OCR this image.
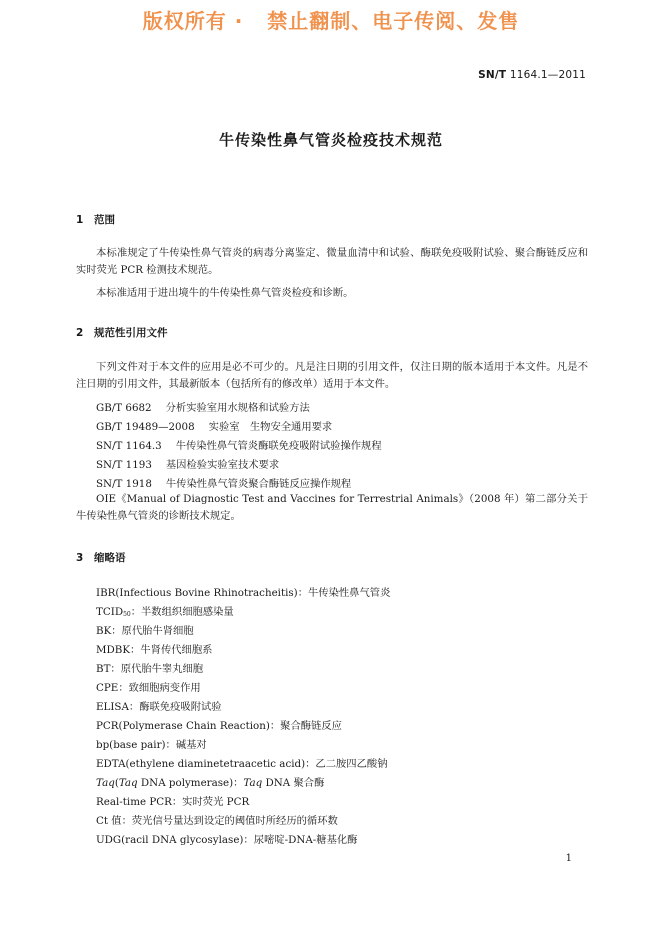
版权所有 ·   禁止翻制、电子传阅、发售
SN/T 1164.1—2011
牛传染性鼻气管炎检疫技术规范
1 范围
本标准规定了牛传染性鼻气管炎的病毒分离鉴定、微量血清中和试验、酶联免疫吸附试验、聚合酶链反应和实时荧光 PCR 检测技术规范。
本标准适用于进出境牛的牛传染性鼻气管炎检疫和诊断。
2 规范性引用文件
下列文件对于本文件的应用是必不可少的。凡是注日期的引用文件，仅注日期的版本适用于本文件。凡是不注日期的引用文件，其最新版本（包括所有的修改单）适用于本文件。
GB/T 6682 分析实验室用水规格和试验方法
GB/T 19489—2008 实验室　生物安全通用要求
SN/T 1164.3 牛传染性鼻气管炎酶联免疫吸附试验操作规程
SN/T 1193 基因检验实验室技术要求
SN/T 1918 牛传染性鼻气管炎聚合酶链反应操作规程
OIE《Manual of Diagnostic Test and Vaccines for Terrestrial Animals》（2008 年）第二部分关于牛传染性鼻气管炎的诊断技术规定。
3 缩略语
IBR(Infectious Bovine Rhinotracheitis)：牛传染性鼻气管炎
$TCID_{50}$：半数组织细胞感染量
BK：原代胎牛肾细胞
MDBK：牛肾传代细胞系
BT：原代胎牛睾丸细胞
CPE：致细胞病变作用
ELISA：酶联免疫吸附试验
PCR(Polymerase Chain Reaction)：聚合酶链反应
bp(base pair)：碱基对
EDTA(ethylene diaminetetraacetic acid)：乙二胺四乙酸钠
Taq(Taq DNA polymerase)：Taq DNA 聚合酶
Real-time PCR：实时荧光 PCR
Ct 值：荧光信号量达到设定的阈值时所经历的循环数
UDG(racil DNA glycosylase)：尿嘧啶-DNA-糖基化酶
1
